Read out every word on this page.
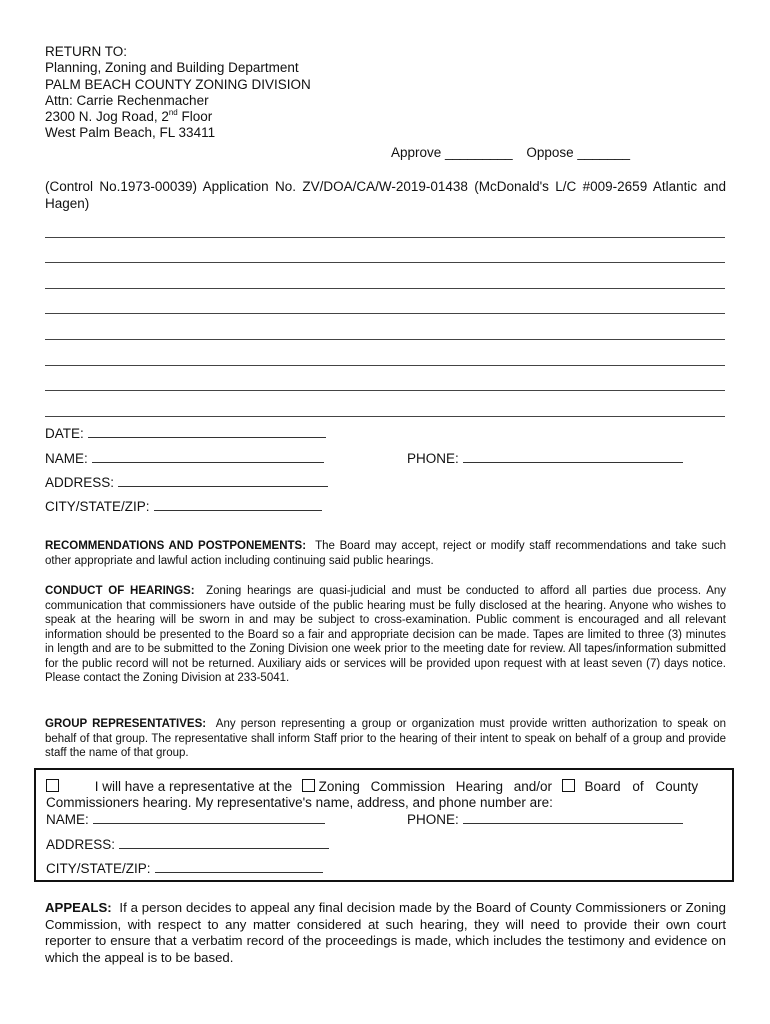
RETURN TO:
Planning, Zoning and Building Department
PALM BEACH COUNTY ZONING DIVISION
Attn: Carrie Rechenmacher
2300 N. Jog Road, 2nd Floor
West Palm Beach, FL 33411
Approve _________ Oppose _______
(Control No.1973-00039) Application No. ZV/DOA/CA/W-2019-01438 (McDonald's L/C #009-2659 Atlantic and Hagen)
DATE:
NAME:	PHONE:
ADDRESS:
CITY/STATE/ZIP:
RECOMMENDATIONS AND POSTPONEMENTS: The Board may accept, reject or modify staff recommendations and take such other appropriate and lawful action including continuing said public hearings.
CONDUCT OF HEARINGS: Zoning hearings are quasi-judicial and must be conducted to afford all parties due process. Any communication that commissioners have outside of the public hearing must be fully disclosed at the hearing. Anyone who wishes to speak at the hearing will be sworn in and may be subject to cross-examination. Public comment is encouraged and all relevant information should be presented to the Board so a fair and appropriate decision can be made. Tapes are limited to three (3) minutes in length and are to be submitted to the Zoning Division one week prior to the meeting date for review. All tapes/information submitted for the public record will not be returned. Auxiliary aids or services will be provided upon request with at least seven (7) days notice. Please contact the Zoning Division at 233-5041.
GROUP REPRESENTATIVES: Any person representing a group or organization must provide written authorization to speak on behalf of that group. The representative shall inform Staff prior to the hearing of their intent to speak on behalf of a group and provide staff the name of that group.
I will have a representative at the Zoning Commission Hearing and/or Board of County
Commissioners hearing. My representative's name, address, and phone number are:
NAME:	PHONE:
ADDRESS:
CITY/STATE/ZIP:
APPEALS: If a person decides to appeal any final decision made by the Board of County Commissioners or Zoning Commission, with respect to any matter considered at such hearing, they will need to provide their own court reporter to ensure that a verbatim record of the proceedings is made, which includes the testimony and evidence on which the appeal is to be based.
